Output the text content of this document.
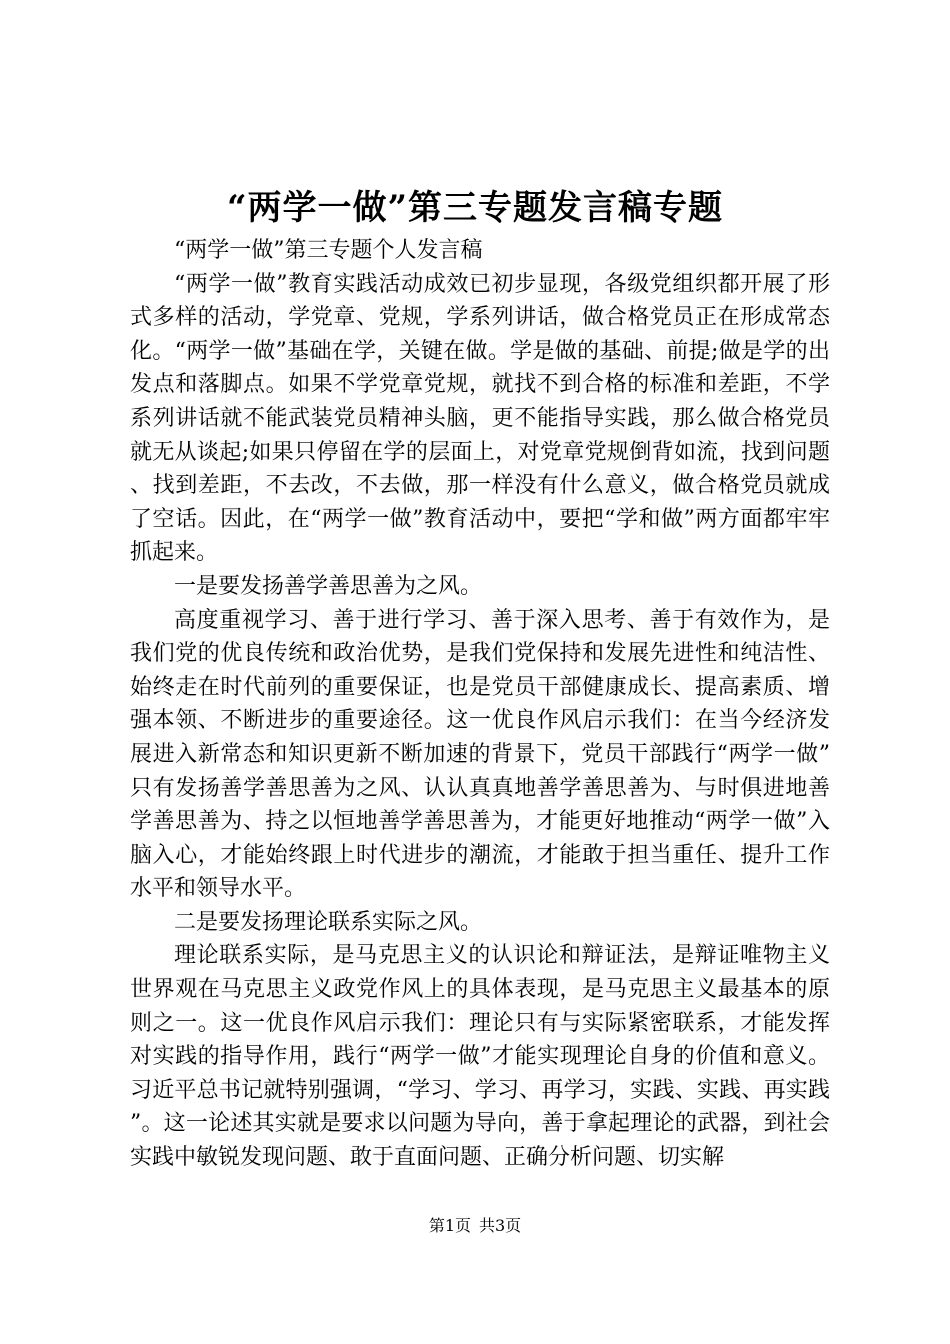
“两学一做”第三专题发言稿专题

“两学一做”第三专题个人发言稿

“两学一做”教育实践活动成效已初步显现，各级党组织都开展了形式多样的活动，学党章、党规，学系列讲话，做合格党员正在形成常态化。“两学一做”基础在学，关键在做。学是做的基础、前提;做是学的出发点和落脚点。如果不学党章党规，就找不到合格的标准和差距，不学系列讲话就不能武装党员精神头脑，更不能指导实践，那么做合格党员就无从谈起;如果只停留在学的层面上，对党章党规倒背如流，找到问题、找到差距，不去改，不去做，那一样没有什么意义，做合格党员就成了空话。因此，在“两学一做”教育活动中，要把“学和做”两方面都牢牢抓起来。

一是要发扬善学善思善为之风。

高度重视学习、善于进行学习、善于深入思考、善于有效作为，是我们党的优良传统和政治优势，是我们党保持和发展先进性和纯洁性、始终走在时代前列的重要保证，也是党员干部健康成长、提高素质、增强本领、不断进步的重要途径。这一优良作风启示我们：在当今经济发展进入新常态和知识更新不断加速的背景下，党员干部践行“两学一做”只有发扬善学善思善为之风、认认真真地善学善思善为、与时俱进地善学善思善为、持之以恒地善学善思善为，才能更好地推动“两学一做”入脑入心，才能始终跟上时代进步的潮流，才能敢于担当重任、提升工作水平和领导水平。

二是要发扬理论联系实际之风。

理论联系实际，是马克思主义的认识论和辩证法，是辩证唯物主义世界观在马克思主义政党作风上的具体表现，是马克思主义最基本的原则之一。这一优良作风启示我们：理论只有与实际紧密联系，才能发挥对实践的指导作用，践行“两学一做”才能实现理论自身的价值和意义。习近平总书记就特别强调，“学习、学习、再学习，实践、实践、再实践”。这一论述其实就是要求以问题为导向，善于拿起理论的武器，到社会实践中敏锐发现问题、敢于直面问题、正确分析问题、切实解

第1页 共3页
